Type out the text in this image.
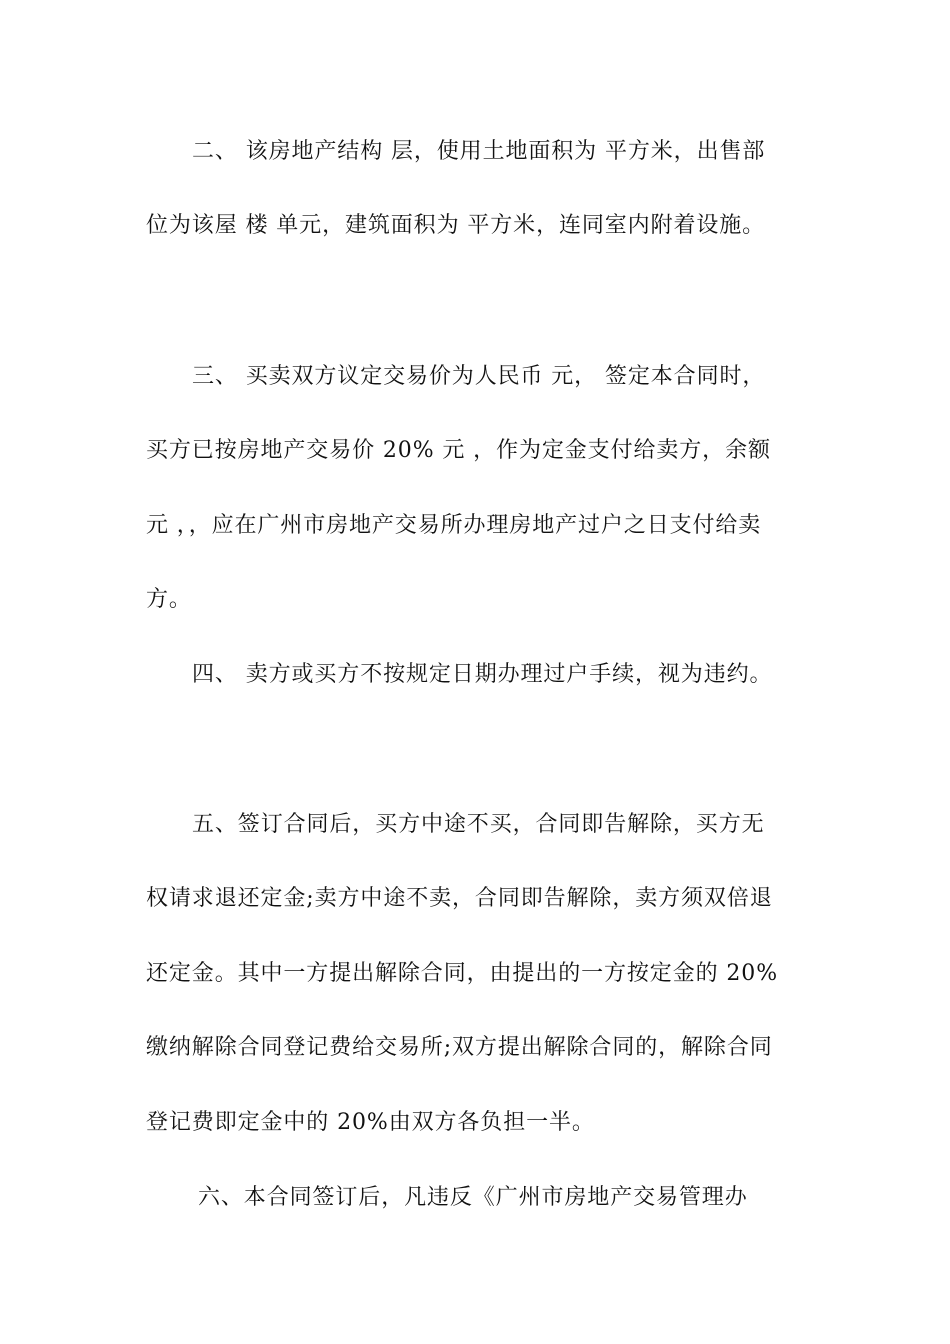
二、 该房地产结构 层，使用土地面积为 平方米，出售部
位为该屋 楼 单元，建筑面积为 平方米，连同室内附着设施。
三、 买卖双方议定交易价为人民币 元， 签定本合同时，
买方已按房地产交易价 20% 元 ，作为定金支付给卖方，余额
元 ，，应在广州市房地产交易所办理房地产过户之日支付给卖
方。
四、 卖方或买方不按规定日期办理过户手续，视为违约。
五、签订合同后，买方中途不买，合同即告解除，买方无
权请求退还定金;卖方中途不卖，合同即告解除，卖方须双倍退
还定金。其中一方提出解除合同，由提出的一方按定金的 20%
缴纳解除合同登记费给交易所;双方提出解除合同的，解除合同
登记费即定金中的 20%由双方各负担一半。
六、本合同签订后，凡违反《广州市房地产交易管理办
